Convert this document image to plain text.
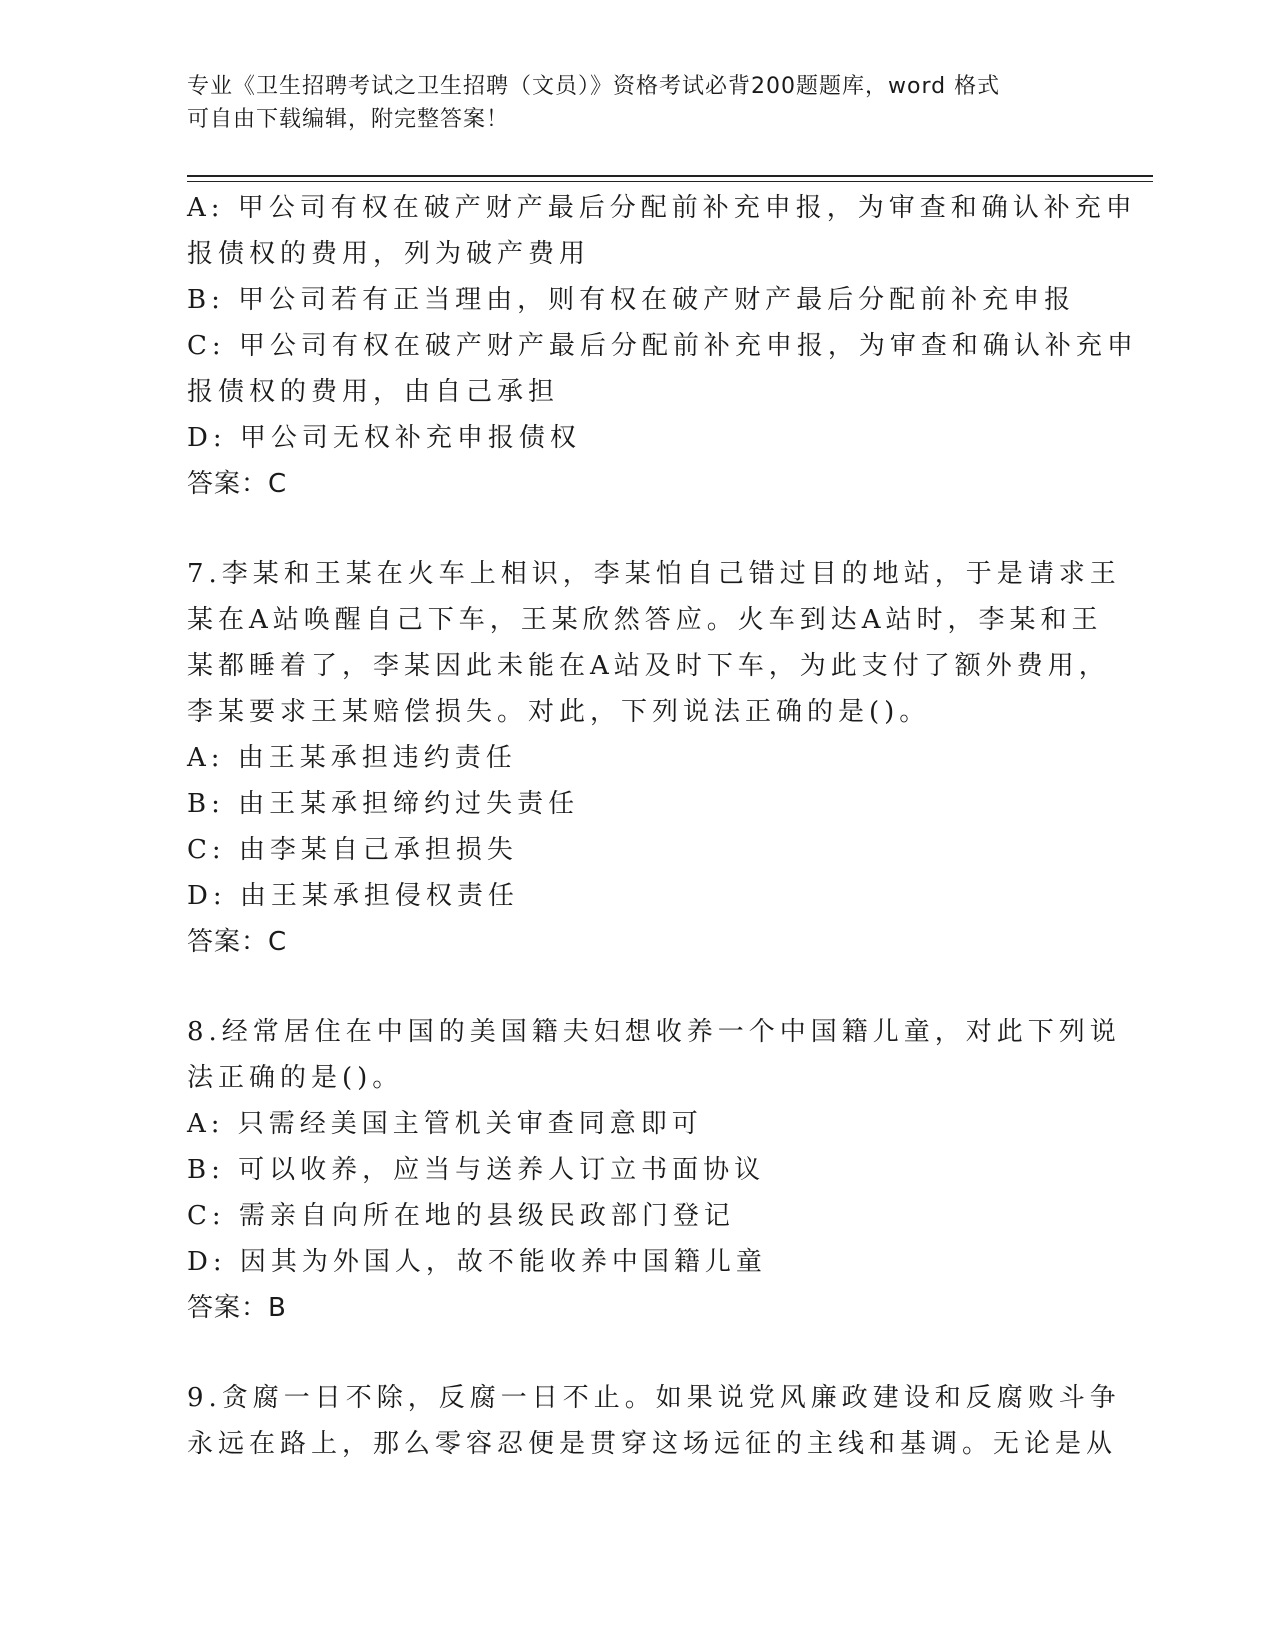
专业《卫生招聘考试之卫生招聘（文员）》资格考试必背200题题库，word 格式
可自由下载编辑，附完整答案！
A: 甲公司有权在破产财产最后分配前补充申报，为审查和确认补充申
报债权的费用，列为破产费用
B: 甲公司若有正当理由，则有权在破产财产最后分配前补充申报
C: 甲公司有权在破产财产最后分配前补充申报，为审查和确认补充申
报债权的费用，由自己承担
D: 甲公司无权补充申报债权
答案：C
7.李某和王某在火车上相识，李某怕自己错过目的地站，于是请求王
某在A站唤醒自己下车，王某欣然答应。火车到达A站时，李某和王
某都睡着了，李某因此未能在A站及时下车，为此支付了额外费用，
李某要求王某赔偿损失。对此，下列说法正确的是()。
A: 由王某承担违约责任
B: 由王某承担缔约过失责任
C: 由李某自己承担损失
D: 由王某承担侵权责任
答案：C
8.经常居住在中国的美国籍夫妇想收养一个中国籍儿童，对此下列说
法正确的是()。
A: 只需经美国主管机关审查同意即可
B: 可以收养，应当与送养人订立书面协议
C: 需亲自向所在地的县级民政部门登记
D: 因其为外国人，故不能收养中国籍儿童
答案：B
9.贪腐一日不除，反腐一日不止。如果说党风廉政建设和反腐败斗争
永远在路上，那么零容忍便是贯穿这场远征的主线和基调。无论是从
